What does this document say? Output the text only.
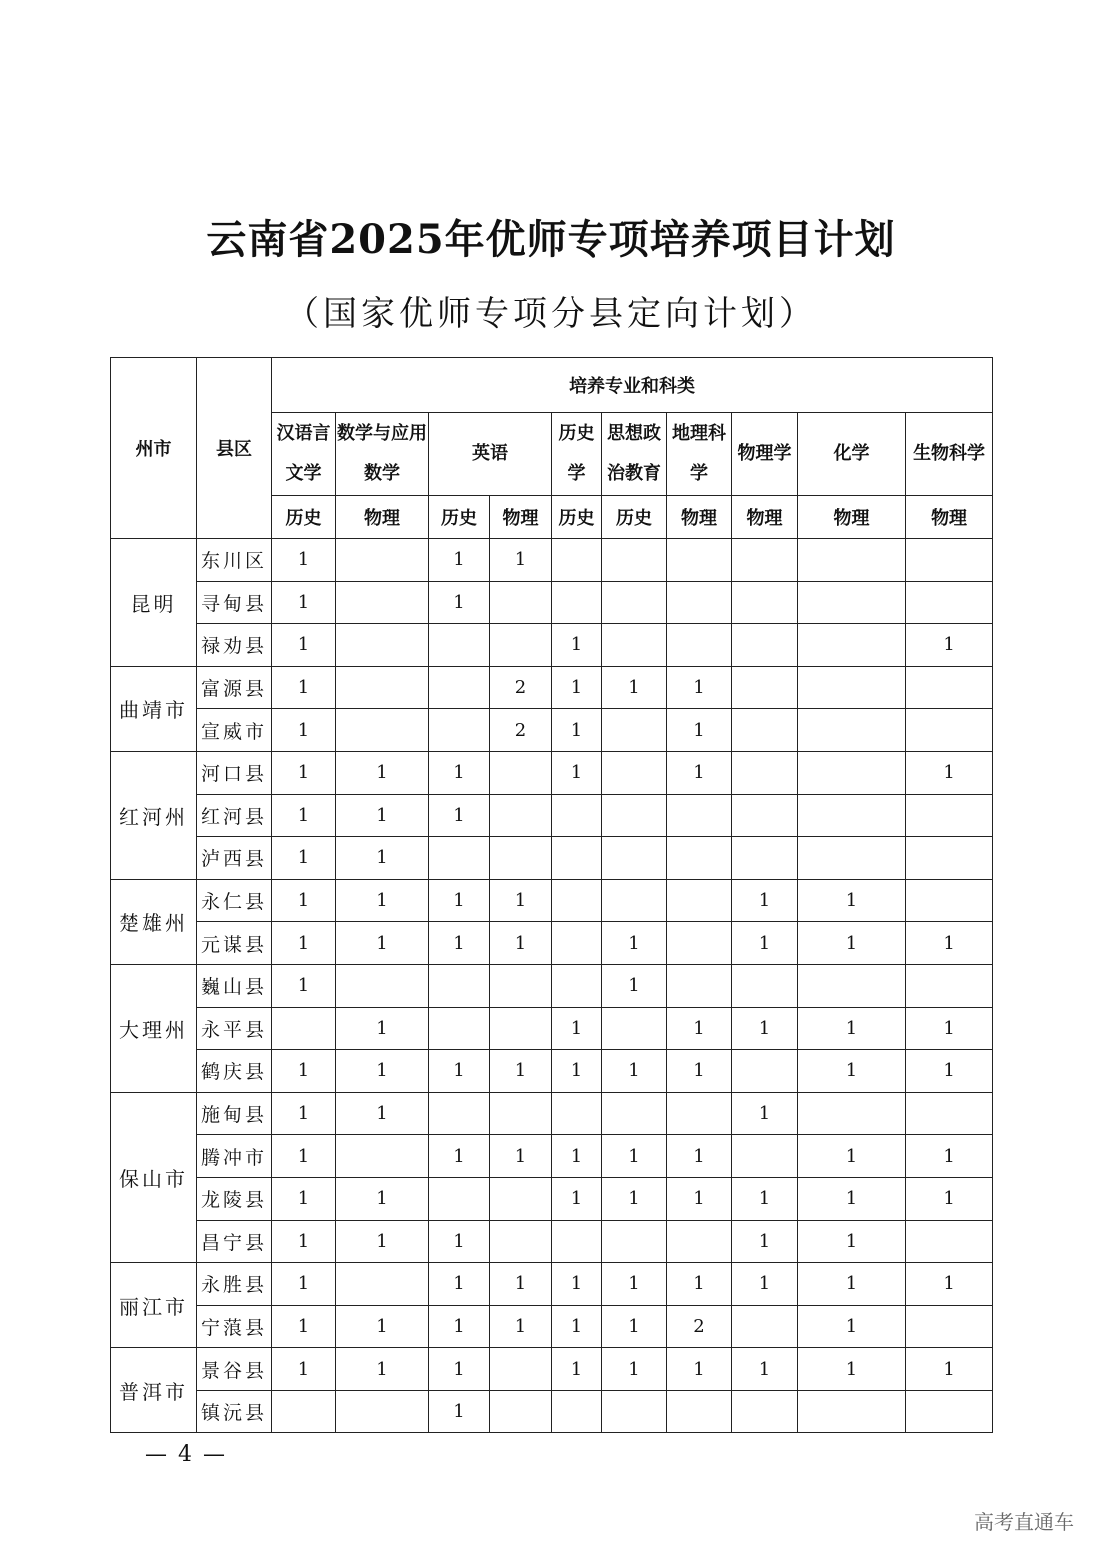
云南省2025年优师专项培养项目计划
（国家优师专项分县定向计划）
州市	县区	培养专业和科类									
		汉语言文学	数学与应用数学	英语		历史学	思想政治教育	地理科学	物理学	化学	生物科学
		历史	物理	历史	物理	历史	历史	物理	物理	物理	物理
昆明	东川区	1		1	1						
	寻甸县	1		1							
	禄劝县	1				1					1
曲靖市	富源县	1			2	1	1	1			
	宣威市	1			2	1		1			
红河州	河口县	1	1	1		1		1			1
	红河县	1	1	1							
	泸西县	1	1								
楚雄州	永仁县	1	1	1	1				1	1	
	元谋县	1	1	1	1		1		1	1	1
大理州	巍山县	1					1				
	永平县		1			1		1	1	1	1
	鹤庆县	1	1	1	1	1	1	1		1	1
保山市	施甸县	1	1						1		
	腾冲市	1		1	1	1	1	1		1	1
	龙陵县	1	1			1	1	1	1	1	1
	昌宁县	1	1	1					1	1	
丽江市	永胜县	1		1	1	1	1	1	1	1	1
	宁蒗县	1	1	1	1	1	1	2		1	
普洱市	景谷县	1	1	1		1	1	1	1	1	1
	镇沅县			1							
— 4 —
高考直通车
